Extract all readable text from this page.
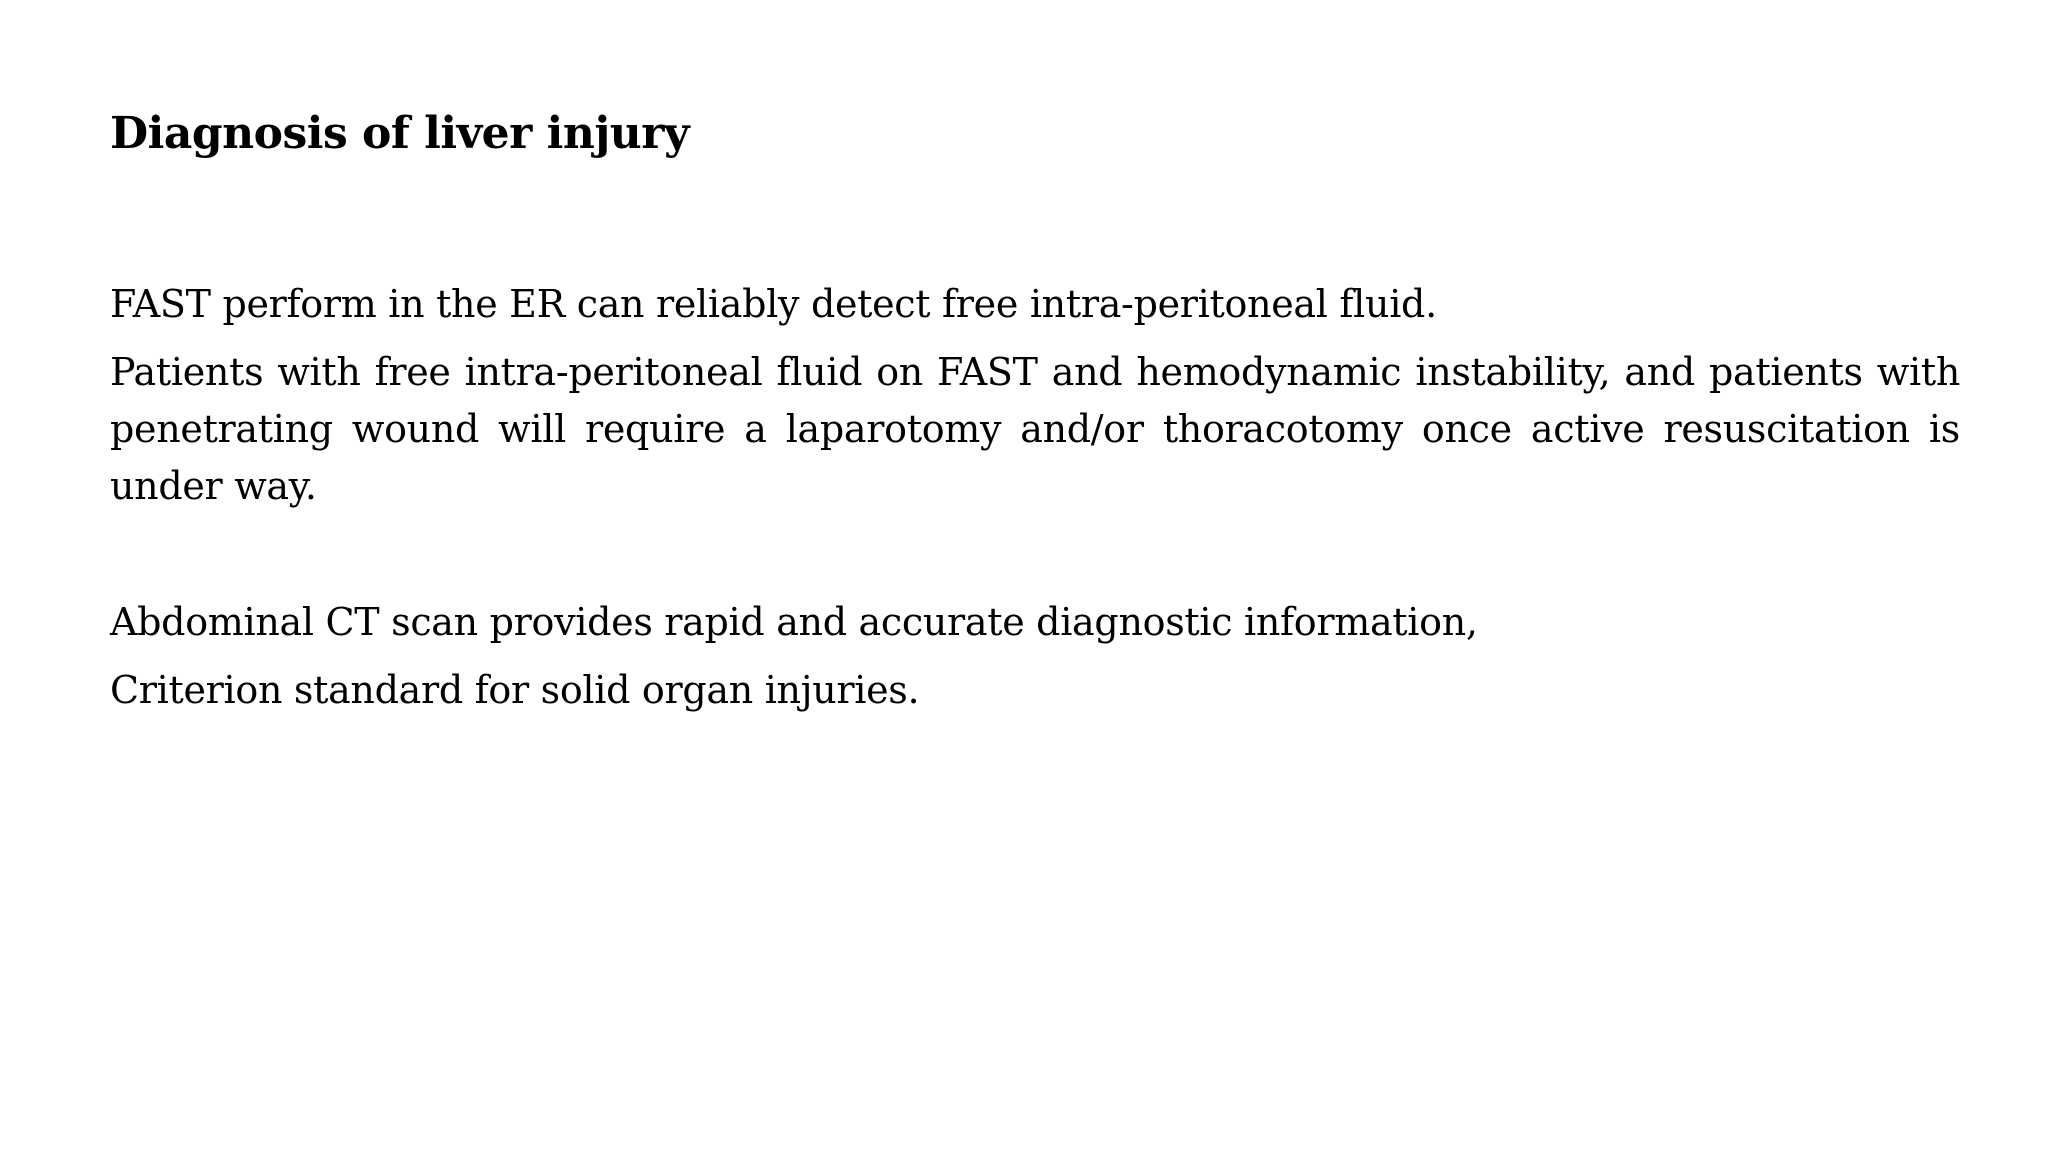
Diagnosis of liver injury

FAST perform in the ER can reliably detect free intra-peritoneal fluid.

Patients with free intra-peritoneal fluid on FAST and hemodynamic instability, and patients with penetrating wound will require a laparotomy and/or thoracotomy once active resuscitation is under way.

Abdominal CT scan provides rapid and accurate diagnostic information,

Criterion standard for solid organ injuries.
